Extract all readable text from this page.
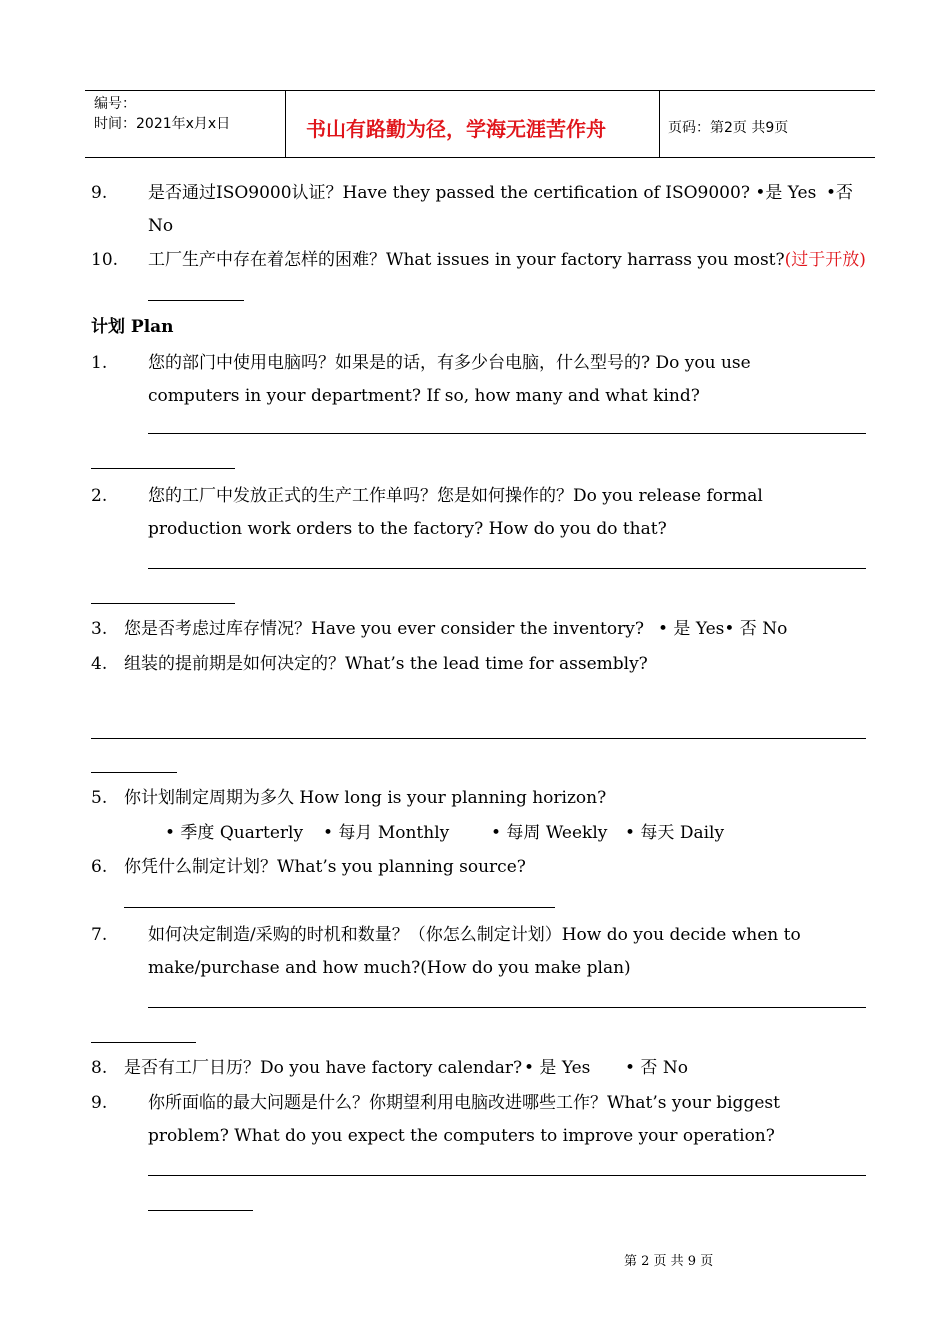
编号：
时间：2021年x月x日	书山有路勤为径，学海无涯苦作舟	页码：第2页 共9页
9. 是否通过ISO9000认证？Have they passed the certification of ISO9000? •是 Yes •否
No
10. 工厂生产中存在着怎样的困难？What issues in your factory harrass you most?(过于开放)
计划 Plan
1. 您的部门中使用电脑吗？如果是的话，有多少台电脑，什么型号的? Do you use
computers in your department? If so, how many and what kind?
2. 您的工厂中发放正式的生产工作单吗？您是如何操作的？Do you release formal
production work orders to the factory? How do you do that?
3. 您是否考虑过库存情况？Have you ever consider the inventory? • 是 Yes• 否 No
4. 组装的提前期是如何决定的？What’s the lead time for assembly?
5. 你计划制定周期为多久 How long is your planning horizon?
• 季度 Quarterly • 每月 Monthly • 每周 Weekly • 每天 Daily
6. 你凭什么制定计划？What’s you planning source?
7. 如何决定制造/采购的时机和数量？（你怎么制定计划）How do you decide when to
make/purchase and how much?(How do you make plan)
8. 是否有工厂日历？Do you have factory calendar? • 是 Yes • 否 No
9. 你所面临的最大问题是什么？你期望利用电脑改进哪些工作？What’s your biggest
problem? What do you expect the computers to improve your operation?
第 2 页 共 9 页
